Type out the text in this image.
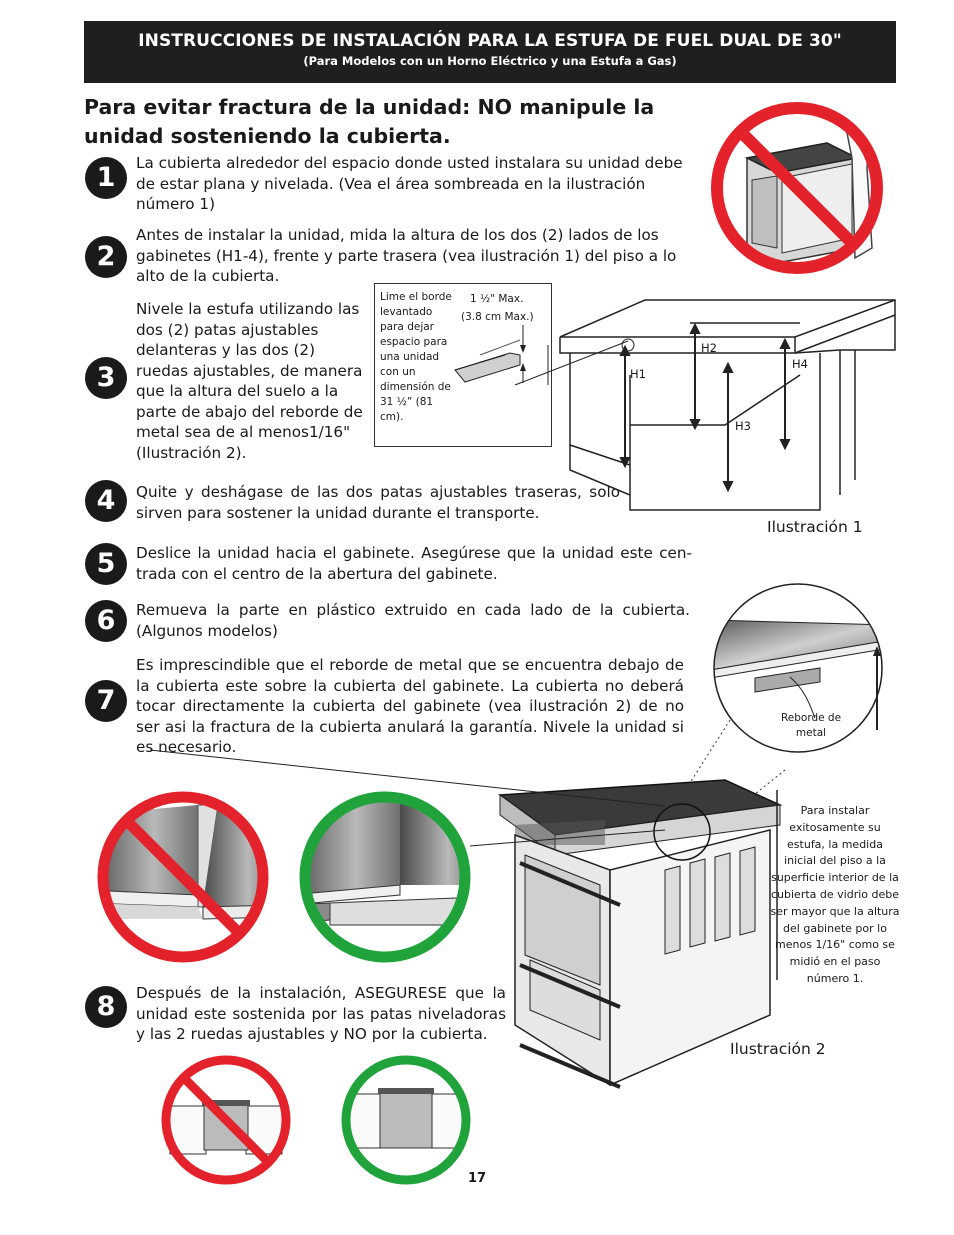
INSTRUCCIONES DE INSTALACIÓN PARA LA ESTUFA DE FUEL DUAL DE 30"
(Para Modelos con un Horno Eléctrico y una Estufa a Gas)
Para evitar fractura de la unidad: NO manipule la unidad sosteniendo la cubierta.
1
2
3
4
5
6
7
8
La cubierta alrededor del espacio donde usted instalara su unidad debe de estar plana y nivelada. (Vea el área sombreada en la ilustración número 1)
Antes de instalar la unidad, mida la altura de los dos (2) lados de los gabinetes (H1-4), frente y parte trasera (vea ilustración 1) del piso a lo alto de la cubierta.
Nivele la estufa utilizando las dos (2) patas ajustables delanteras y las dos (2) ruedas ajustables, de manera que la altura del suelo a la parte de abajo del reborde de metal sea de al menos1/16" (Ilustración 2).
Quite y deshágase de las dos patas ajustables traseras, solo sirven para sostener la unidad durante el transporte.
Deslice la unidad hacia el gabinete. Asegúrese que la unidad este cen-trada con el centro de la abertura del gabinete.
Remueva la parte en plástico extruido en cada lado de la cubierta. (Algunos modelos)
Es imprescindible que el reborde de metal que se encuentra debajo de la cubierta este sobre la cubierta del gabinete. La cubierta no deberá tocar directamente la cubierta del gabinete (vea ilustración 2) de no ser asi la fractura de la cubierta anulará la garantía. Nivele la unidad si es necesario.
Después de la instalación, ASEGURESE que la unidad este sostenida por las patas niveladoras y las 2 ruedas ajustables y NO por la cubierta.
Lime el borde levantado para dejar espacio para una unidad con un dimensión de 31 ½” (81 cm).
1 ½" Max.
(3.8 cm Max.)
H1
H2
H3
H4
Ilustración 1
Reborde de metal
Para instalar exitosamente su estufa, la medida inicial del piso a la superficie interior de la cubierta de vidrio debe ser mayor que la altura del gabinete por lo menos 1/16" como se midió en el paso número 1.
Ilustración 2
17
